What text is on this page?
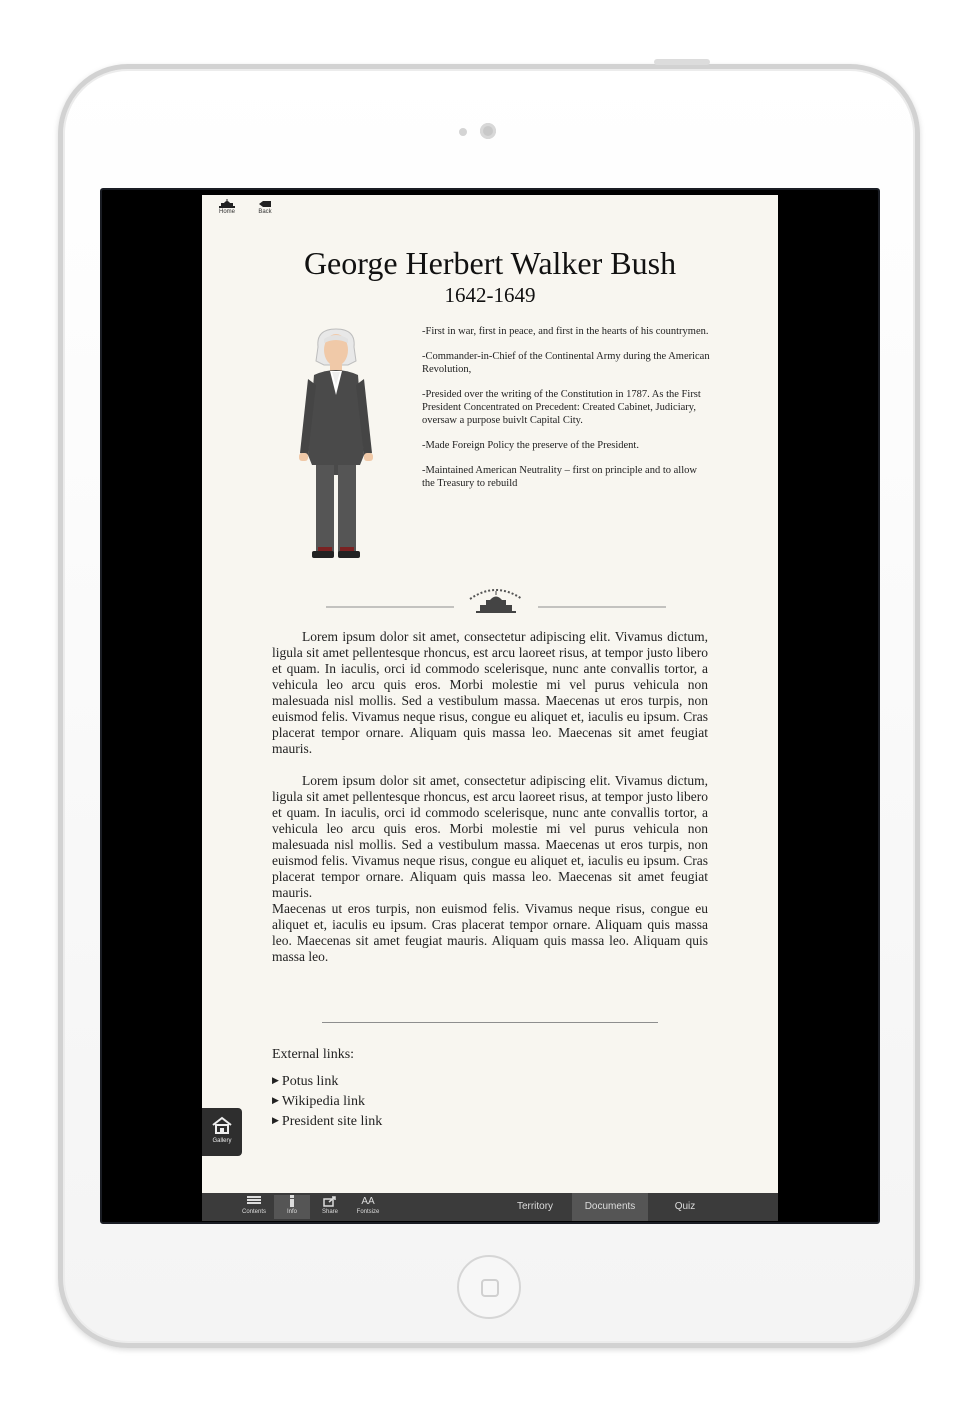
Home	Back
George Herbert Walker Bush
1642-1649

-First in war, first in peace, and first in the hearts of his countrymen.

-Commander-in-Chief of the Continental Army during the American Revolution,

-Presided over the writing of the Constitution in 1787. As the First President Concentrated on Precedent: Created Cabinet, Judiciary, oversaw a purpose buivlt Capital City.

-Made Foreign Policy the preserve of the President.

-Maintained American Neutrality – first on principle and to allow the Treasury to rebuild

Lorem ipsum dolor sit amet, consectetur adipiscing elit. Vivamus dictum, ligula sit amet pellentesque rhoncus, est arcu laoreet risus, at tempor justo libero et quam. In iaculis, orci id commodo scelerisque, nunc ante convallis tortor, a vehicula leo arcu quis eros. Morbi molestie mi vel purus vehicula non malesuada nisl mollis. Sed a vestibulum massa. Maecenas ut eros turpis, non euismod felis. Vivamus neque risus, congue eu aliquet et, iaculis eu ipsum. Cras placerat tempor ornare. Aliquam quis massa leo. Maecenas sit amet feugiat mauris.

Lorem ipsum dolor sit amet, consectetur adipiscing elit. Vivamus dictum, ligula sit amet pellentesque rhoncus, est arcu laoreet risus, at tempor justo libero et quam. In iaculis, orci id commodo scelerisque, nunc ante convallis tortor, a vehicula leo arcu quis eros. Morbi molestie mi vel purus vehicula non malesuada nisl mollis. Sed a vestibulum massa. Maecenas ut eros turpis, non euismod felis. Vivamus neque risus, congue eu aliquet et, iaculis eu ipsum. Cras placerat tempor ornare. Aliquam quis massa leo. Maecenas sit amet feugiat mauris.

Maecenas ut eros turpis, non euismod felis. Vivamus neque risus, congue eu aliquet et, iaculis eu ipsum. Cras placerat tempor ornare. Aliquam quis massa leo. Maecenas sit amet feugiat mauris. Aliquam quis massa leo. Aliquam quis massa leo.

External links:
▶ Potus link
▶ Wikipedia link
▶ President site link
Gallery
Contents	Info	Share
AA
Fontsize	Territory	Documents	Quiz
